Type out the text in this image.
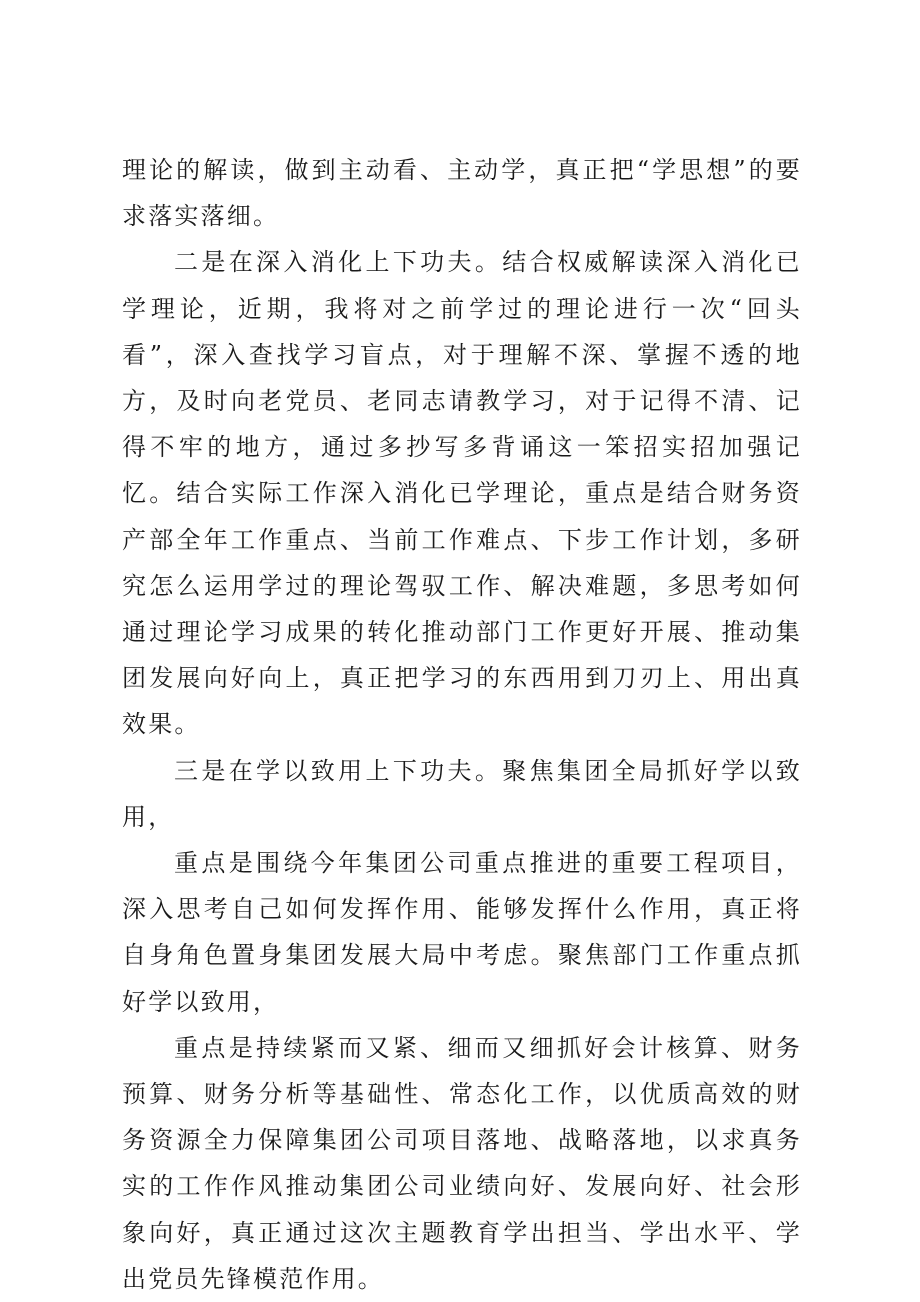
理论的解读，做到主动看、主动学，真正把“学思想”的要求落实落细。

二是在深入消化上下功夫。结合权威解读深入消化已学理论，近期，我将对之前学过的理论进行一次“回头看”，深入查找学习盲点，对于理解不深、掌握不透的地方，及时向老党员、老同志请教学习，对于记得不清、记得不牢的地方，通过多抄写多背诵这一笨招实招加强记忆。结合实际工作深入消化已学理论，重点是结合财务资产部全年工作重点、当前工作难点、下步工作计划，多研究怎么运用学过的理论驾驭工作、解决难题，多思考如何通过理论学习成果的转化推动部门工作更好开展、推动集团发展向好向上，真正把学习的东西用到刀刃上、用出真效果。

三是在学以致用上下功夫。聚焦集团全局抓好学以致用，

重点是围绕今年集团公司重点推进的重要工程项目，深入思考自己如何发挥作用、能够发挥什么作用，真正将自身角色置身集团发展大局中考虑。聚焦部门工作重点抓好学以致用，

重点是持续紧而又紧、细而又细抓好会计核算、财务预算、财务分析等基础性、常态化工作，以优质高效的财务资源全力保障集团公司项目落地、战略落地，以求真务实的工作作风推动集团公司业绩向好、发展向好、社会形象向好，真正通过这次主题教育学出担当、学出水平、学出党员先锋模范作用。
